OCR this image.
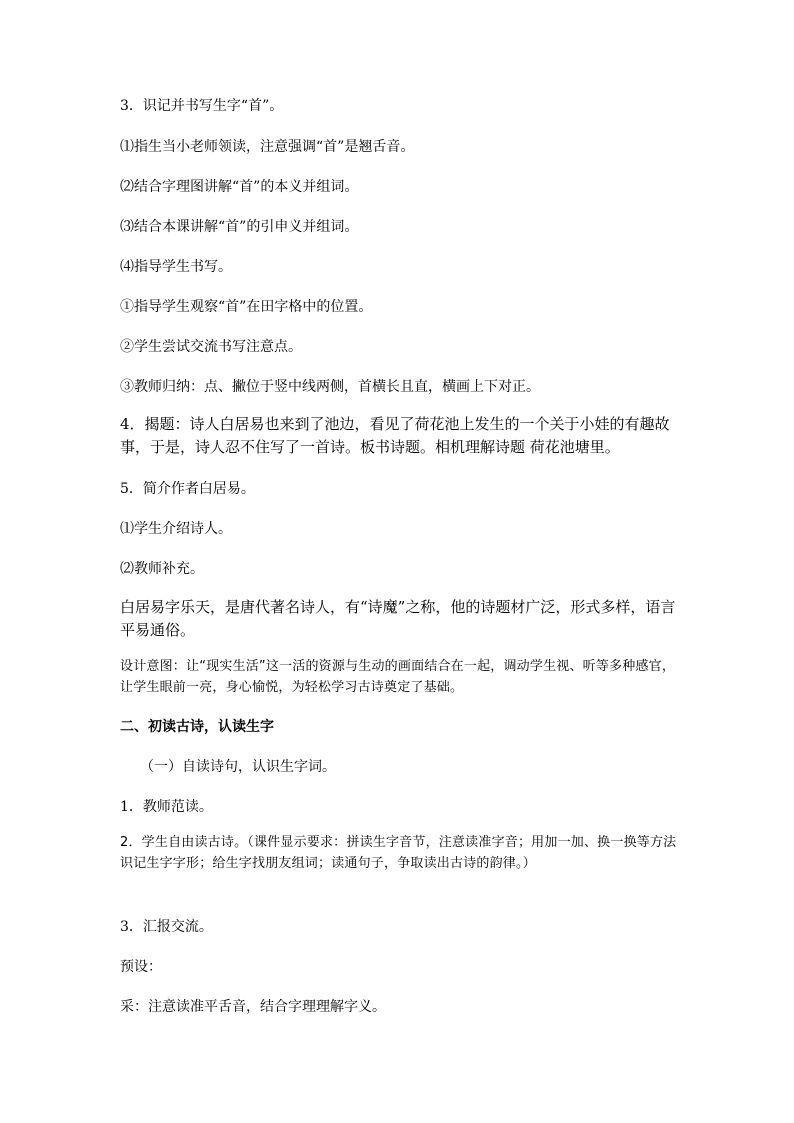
3．识记并书写生字“首”。

⑴指生当小老师领读，注意强调“首”是翘舌音。

⑵结合字理图讲解“首”的本义并组词。

⑶结合本课讲解“首”的引申义并组词。

⑷指导学生书写。

①指导学生观察“首”在田字格中的位置。

②学生尝试交流书写注意点。

③教师归纳：点、撇位于竖中线两侧，首横长且直，横画上下对正。

4．揭题：诗人白居易也来到了池边，看见了荷花池上发生的一个关于小娃的有趣故事，于是，诗人忍不住写了一首诗。板书诗题。相机理解诗题 荷花池塘里。

5．简介作者白居易。

⑴学生介绍诗人。

⑵教师补充。

白居易字乐天，是唐代著名诗人，有“诗魔”之称，他的诗题材广泛，形式多样，语言平易通俗。

设计意图：让“现实生活”这一活的资源与生动的画面结合在一起，调动学生视、听等多种感官，让学生眼前一亮，身心愉悦，为轻松学习古诗奠定了基础。

二、初读古诗，认读生字

（一）自读诗句，认识生字词。

1．教师范读。

2．学生自由读古诗。（课件显示要求：拼读生字音节，注意读准字音；用加一加、换一换等方法识记生字字形；给生字找朋友组词；读通句子，争取读出古诗的韵律。）

3．汇报交流。

预设：

采：注意读准平舌音，结合字理理解字义。
